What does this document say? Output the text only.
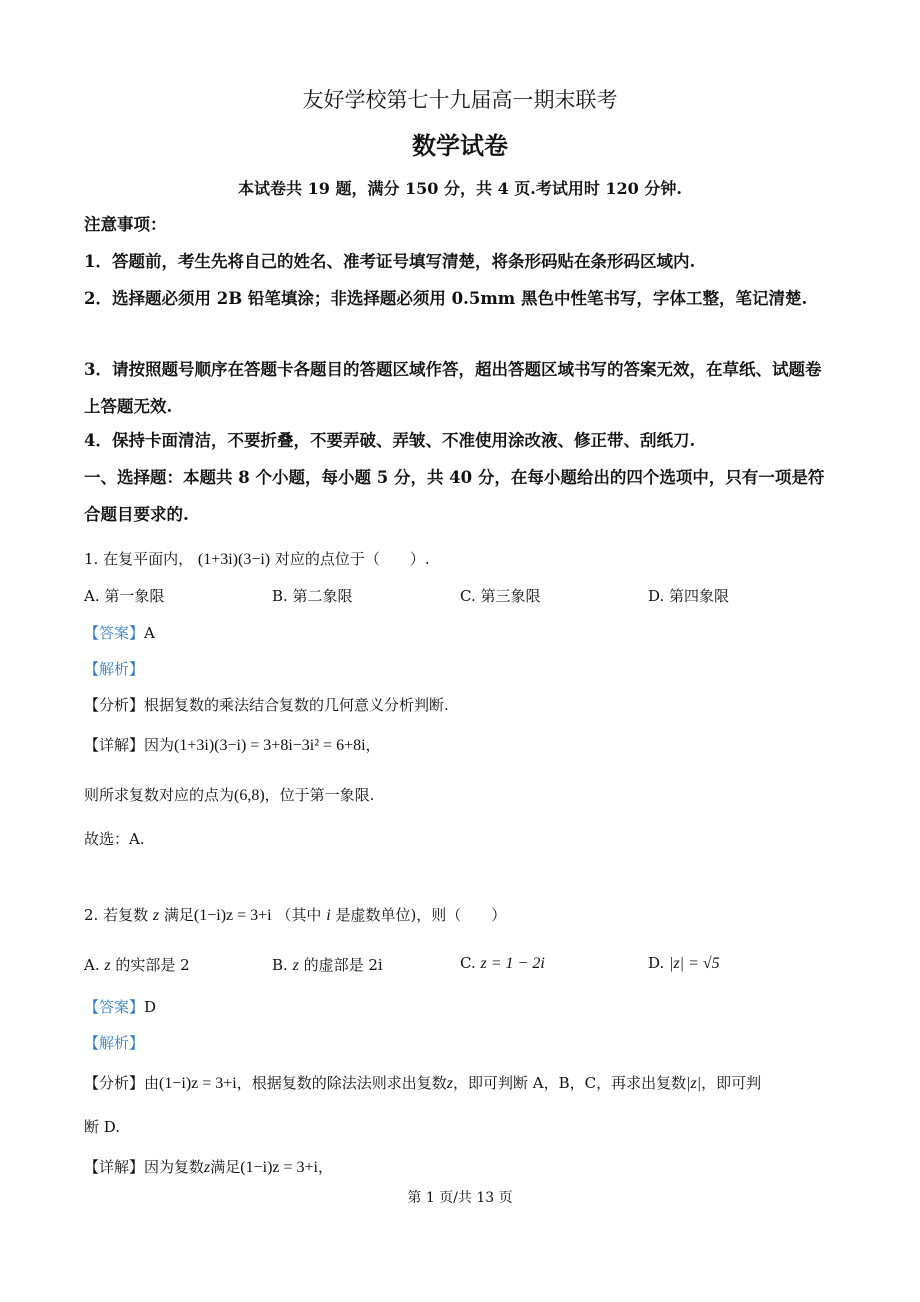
友好学校第七十九届高一期末联考
数学试卷
本试卷共 19 题，满分 150 分，共 4 页.考试用时 120 分钟.
注意事项：
1．答题前，考生先将自己的姓名、准考证号填写清楚，将条形码贴在条形码区域内.
2．选择题必须用 2B 铅笔填涂；非选择题必须用 0.5mm 黑色中性笔书写，字体工整，笔记清楚.
3．请按照题号顺序在答题卡各题目的答题区域作答，超出答题区域书写的答案无效，在草纸、试题卷上答题无效.
4．保持卡面清洁，不要折叠，不要弄破、弄皱、不准使用涂改液、修正带、刮纸刀.
一、选择题：本题共 8 个小题，每小题 5 分，共 40 分，在每小题给出的四个选项中，只有一项是符合题目要求的.
1. 在复平面内， (1+3i)(3−i) 对应的点位于（　　）.
A. 第一象限	B. 第二象限	C. 第三象限	D. 第四象限
【答案】A
【解析】
【分析】根据复数的乘法结合复数的几何意义分析判断.
【详解】因为(1+3i)(3−i) = 3+8i−3i² = 6+8i，
则所求复数对应的点为(6,8)，位于第一象限.
故选：A.
2. 若复数 z 满足(1−i)z = 3+i （其中 i 是虚数单位)，则（　　）
A. z 的实部是 2	B. z 的虚部是 2i	C. z = 1 − 2i	D. |z| = √5
【答案】D
【解析】
【分析】由(1−i)z = 3+i，根据复数的除法法则求出复数z，即可判断 A，B，C，再求出复数|z|，即可判
断 D.
【详解】因为复数z满足(1−i)z = 3+i，
第 1 页/共 13 页
